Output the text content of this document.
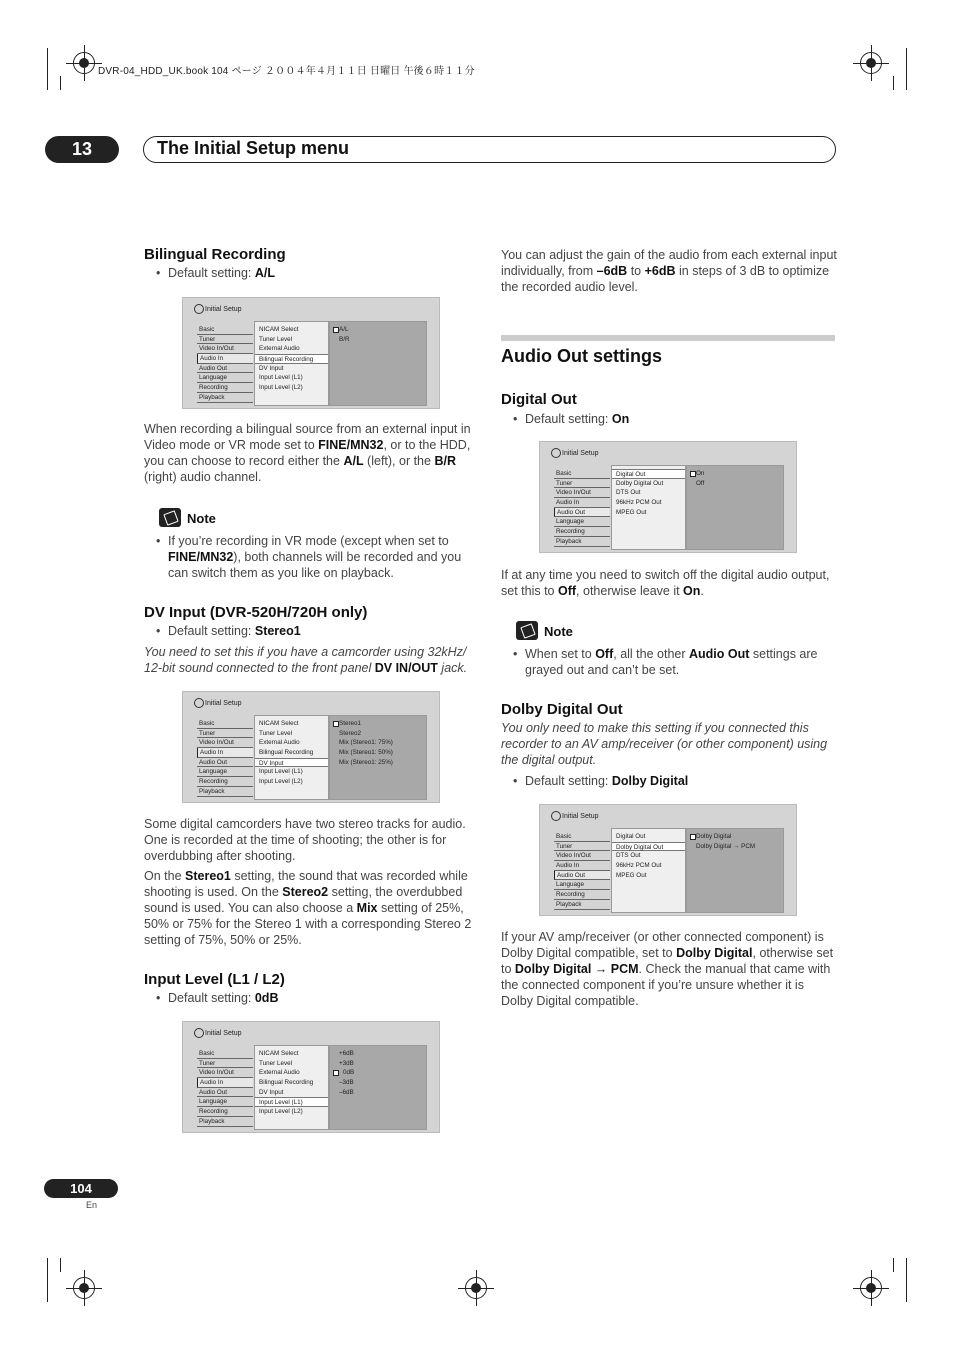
DVR-04_HDD_UK.book 104 ページ ２００４年４月１１日 日曜日 午後６時１１分
13	The Initial Setup menu
Bilingual Recording
• Default setting: A/L
Initial Setup
Basic
Tuner
Video In/Out
Audio In
Audio Out
Language
Recording
Playback
NICAM Select
Tuner Level
External Audio
Bilingual Recording
DV Input
Input Level (L1)
Input Level (L2)
A/L
B/R
When recording a bilingual source from an external input in Video mode or VR mode set to FINE/MN32, or to the HDD, you can choose to record either the A/L (left), or the B/R (right) audio channel.
Note
• If you’re recording in VR mode (except when set to FINE/MN32), both channels will be recorded and you can switch them as you like on playback.
DV Input (DVR-520H/720H only)
• Default setting: Stereo1
You need to set this if you have a camcorder using 32kHz/ 12-bit sound connected to the front panel DV IN/OUT jack.
Initial Setup
Basic
Tuner
Video In/Out
Audio In
Audio Out
Language
Recording
Playback
NICAM Select
Tuner Level
External Audio
Bilingual Recording
DV Input
Input Level (L1)
Input Level (L2)
Stereo1
Stereo2
Mix (Stereo1: 75%)
Mix (Stereo1: 50%)
Mix (Stereo1: 25%)
Some digital camcorders have two stereo tracks for audio. One is recorded at the time of shooting; the other is for overdubbing after shooting.
On the Stereo1 setting, the sound that was recorded while shooting is used. On the Stereo2 setting, the overdubbed sound is used. You can also choose a Mix setting of 25%, 50% or 75% for the Stereo 1 with a corresponding Stereo 2 setting of 75%, 50% or 25%.
Input Level (L1 / L2)
• Default setting: 0dB
Initial Setup
Basic
Tuner
Video In/Out
Audio In
Audio Out
Language
Recording
Playback
NICAM Select
Tuner Level
External Audio
Bilingual Recording
DV Input
Input Level (L1)
Input Level (L2)
+6dB
+3dB
0dB
–3dB
–6dB
You can adjust the gain of the audio from each external input individually, from –6dB to +6dB in steps of 3 dB to optimize the recorded audio level.
Audio Out settings
Digital Out
• Default setting: On
Initial Setup
Basic
Tuner
Video In/Out
Audio In
Audio Out
Language
Recording
Playback
Digital Out
Dolby Digital Out
DTS Out
96kHz PCM Out
MPEG Out
On
Off
If at any time you need to switch off the digital audio output, set this to Off, otherwise leave it On.
Note
• When set to Off, all the other Audio Out settings are grayed out and can’t be set.
Dolby Digital Out
You only need to make this setting if you connected this recorder to an AV amp/receiver (or other component) using the digital output.
• Default setting: Dolby Digital
Initial Setup
Basic
Tuner
Video In/Out
Audio In
Audio Out
Language
Recording
Playback
Digital Out
Dolby Digital Out
DTS Out
96kHz PCM Out
MPEG Out
Dolby Digital
Dolby Digital → PCM
If your AV amp/receiver (or other connected component) is Dolby Digital compatible, set to Dolby Digital, otherwise set to Dolby Digital → PCM. Check the manual that came with the connected component if you’re unsure whether it is Dolby Digital compatible.
104
En
